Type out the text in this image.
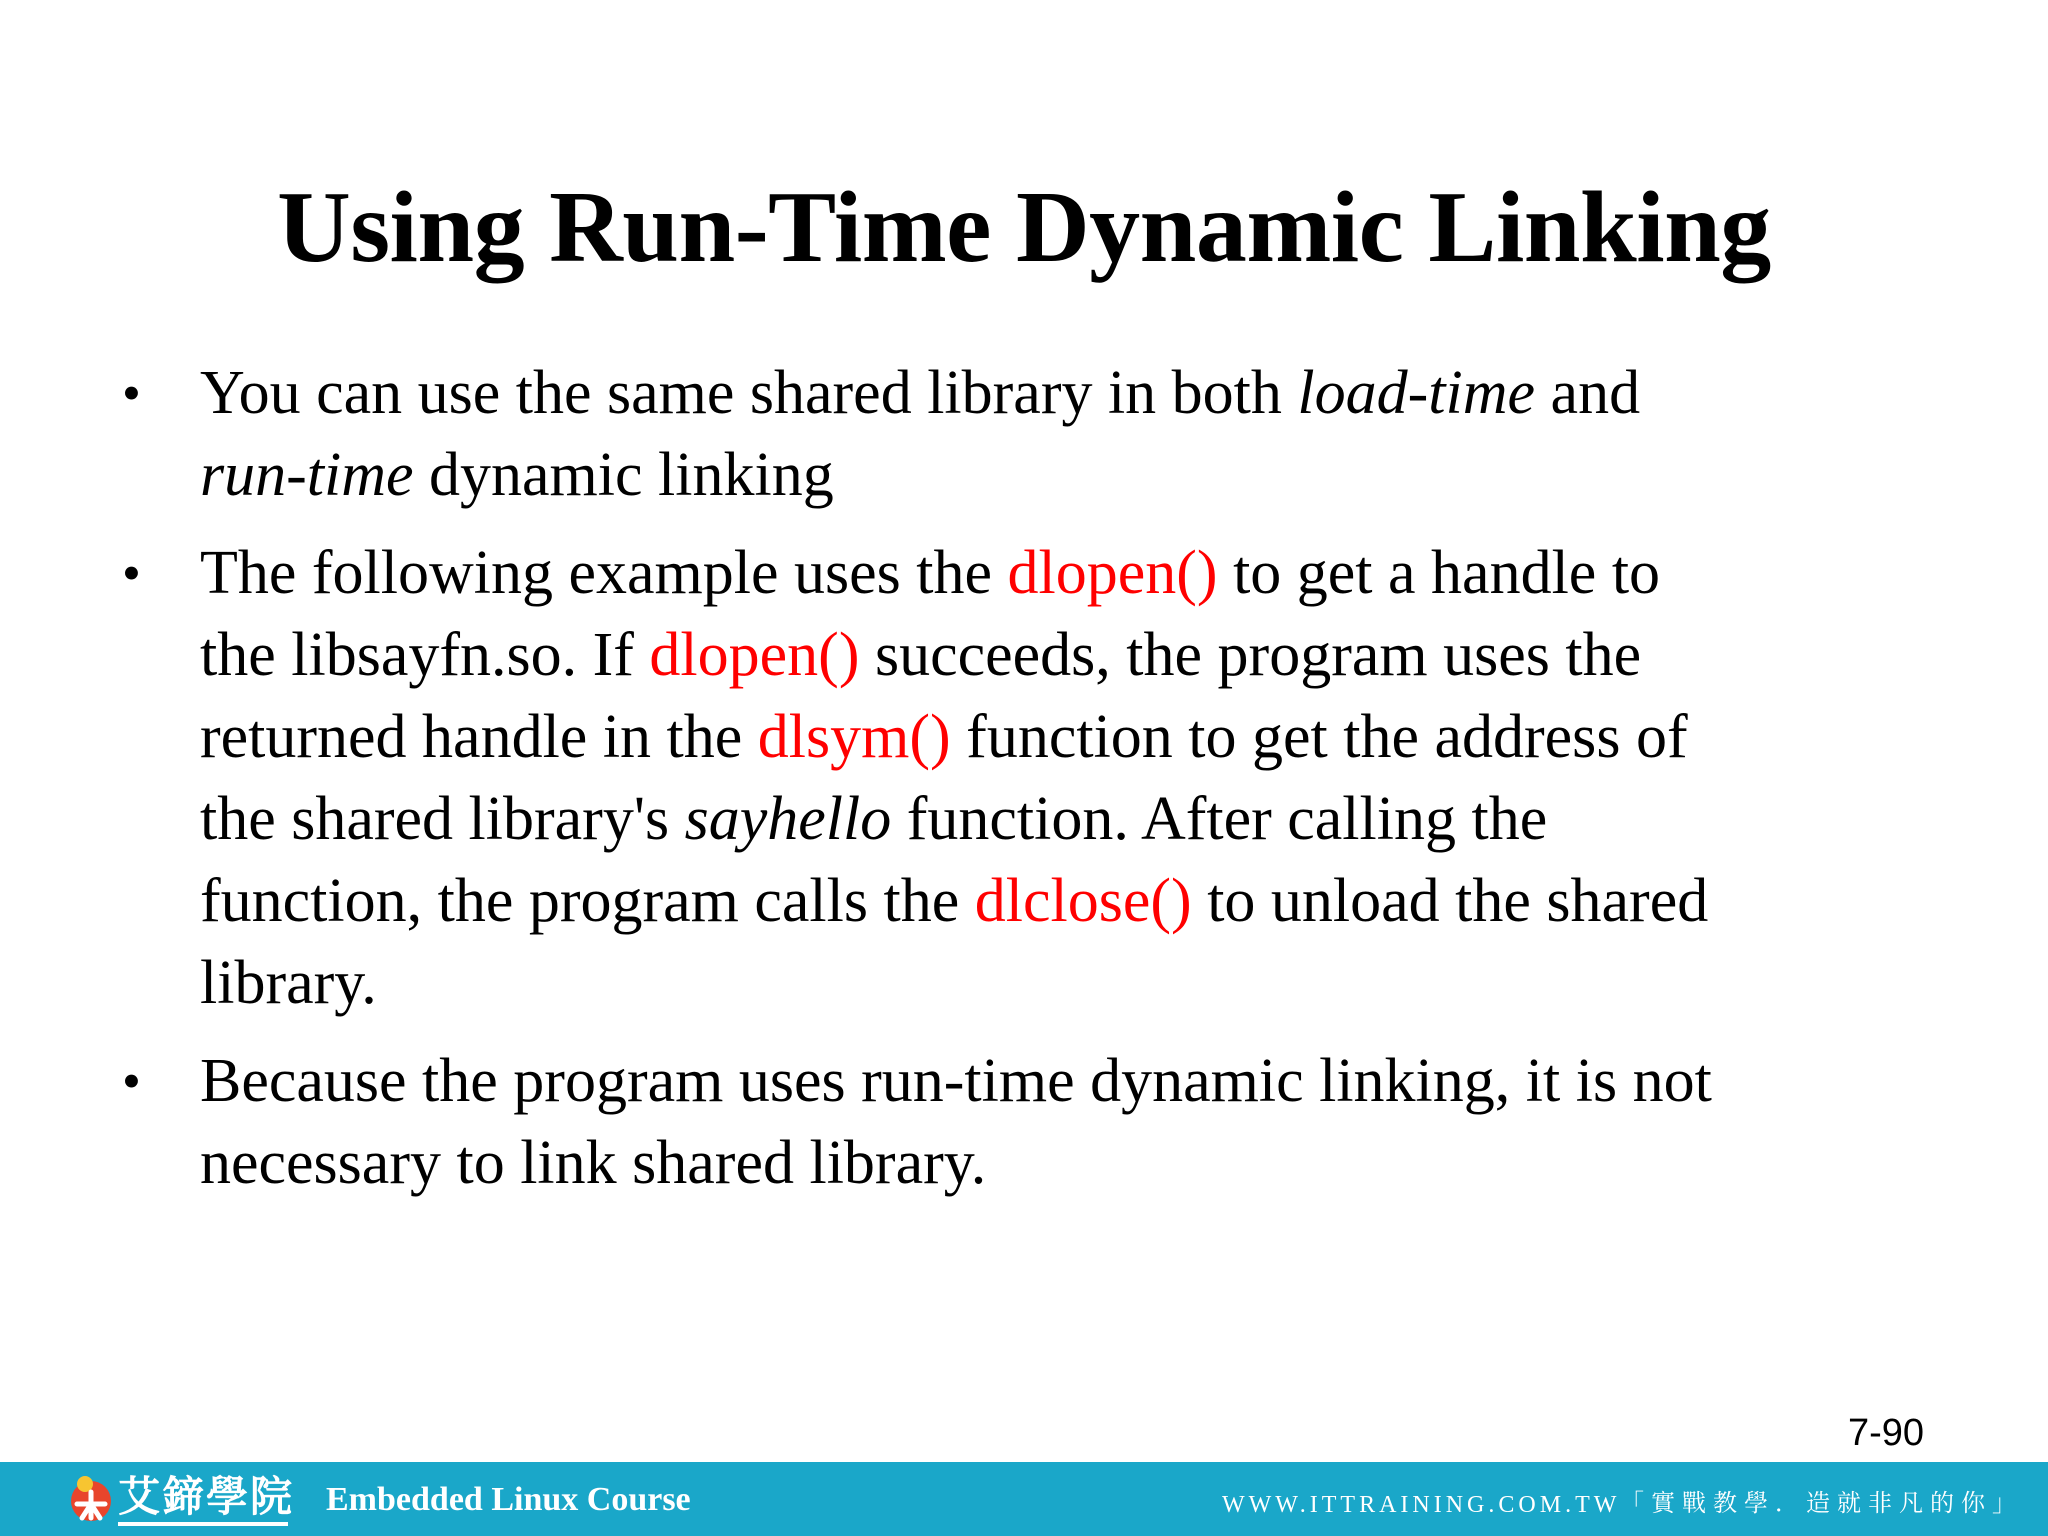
Using Run-Time Dynamic Linking
• You can use the same shared library in both load-time and
run-time dynamic linking
• The following example uses the dlopen() to get a handle to
the libsayfn.so. If dlopen() succeeds, the program uses the
returned handle in the dlsym() function to get the address of
the shared library's sayhello function. After calling the
function, the program calls the dlclose() to unload the shared
library.
• Because the program uses run-time dynamic linking, it is not
necessary to link shared library.
7-90
艾鍗學院 Embedded Linux Course	WWW.ITTRAINING.COM.TW 「實戰教學．造就非凡的你」
